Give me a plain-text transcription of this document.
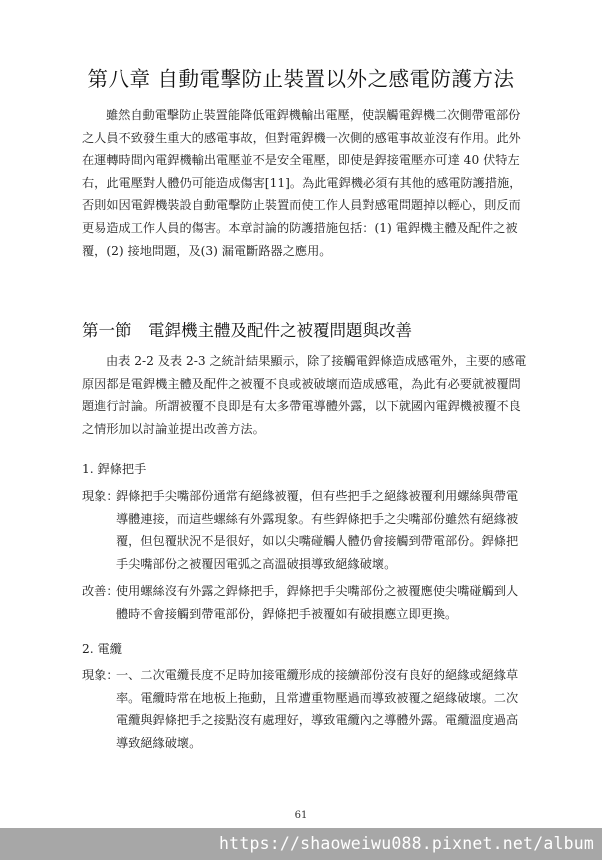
第八章 自動電擊防止裝置以外之感電防護方法
雖然自動電擊防止裝置能降低電銲機輸出電壓，使誤觸電銲機二次側帶電部份
之人員不致發生重大的感電事故，但對電銲機一次側的感電事故並沒有作用。此外
在運轉時間內電銲機輸出電壓並不是安全電壓，即使是銲接電壓亦可達 40 伏特左
右，此電壓對人體仍可能造成傷害[11]。為此電銲機必須有其他的感電防護措施，
否則如因電銲機裝設自動電擊防止裝置而使工作人員對感電問題掉以輕心，則反而
更易造成工作人員的傷害。本章討論的防護措施包括：(1) 電銲機主體及配件之被
覆，(2) 接地問題，及(3) 漏電斷路器之應用。
第一節　電銲機主體及配件之被覆問題與改善
由表 2-2 及表 2-3 之統計結果顯示，除了接觸電銲條造成感電外，主要的感電
原因都是電銲機主體及配件之被覆不良或被破壞而造成感電，為此有必要就被覆問
題進行討論。所謂被覆不良即是有太多帶電導體外露，以下就國內電銲機被覆不良
之情形加以討論並提出改善方法。
1. 銲條把手
現象：
銲條把手尖嘴部份通常有絕緣被覆，但有些把手之絕緣被覆利用螺絲與帶電
導體連接，而這些螺絲有外露現象。有些銲條把手之尖嘴部份雖然有絕緣被
覆，但包覆狀況不是很好，如以尖嘴碰觸人體仍會接觸到帶電部份。銲條把
手尖嘴部份之被覆因電弧之高溫破損導致絕緣破壞。
改善：
使用螺絲沒有外露之銲條把手，銲條把手尖嘴部份之被覆應使尖嘴碰觸到人
體時不會接觸到帶電部份，銲條把手被覆如有破損應立即更換。
2. 電纜
現象：
一、二次電纜長度不足時加接電纜形成的接續部份沒有良好的絕緣或絕緣草
率。電纜時常在地板上拖動，且常遭重物壓過而導致被覆之絕緣破壞。二次
電纜與銲條把手之接點沒有處理好，導致電纜內之導體外露。電纜溫度過高
導致絕緣破壞。
61
https://shaoweiwu088.pixnet.net/album
